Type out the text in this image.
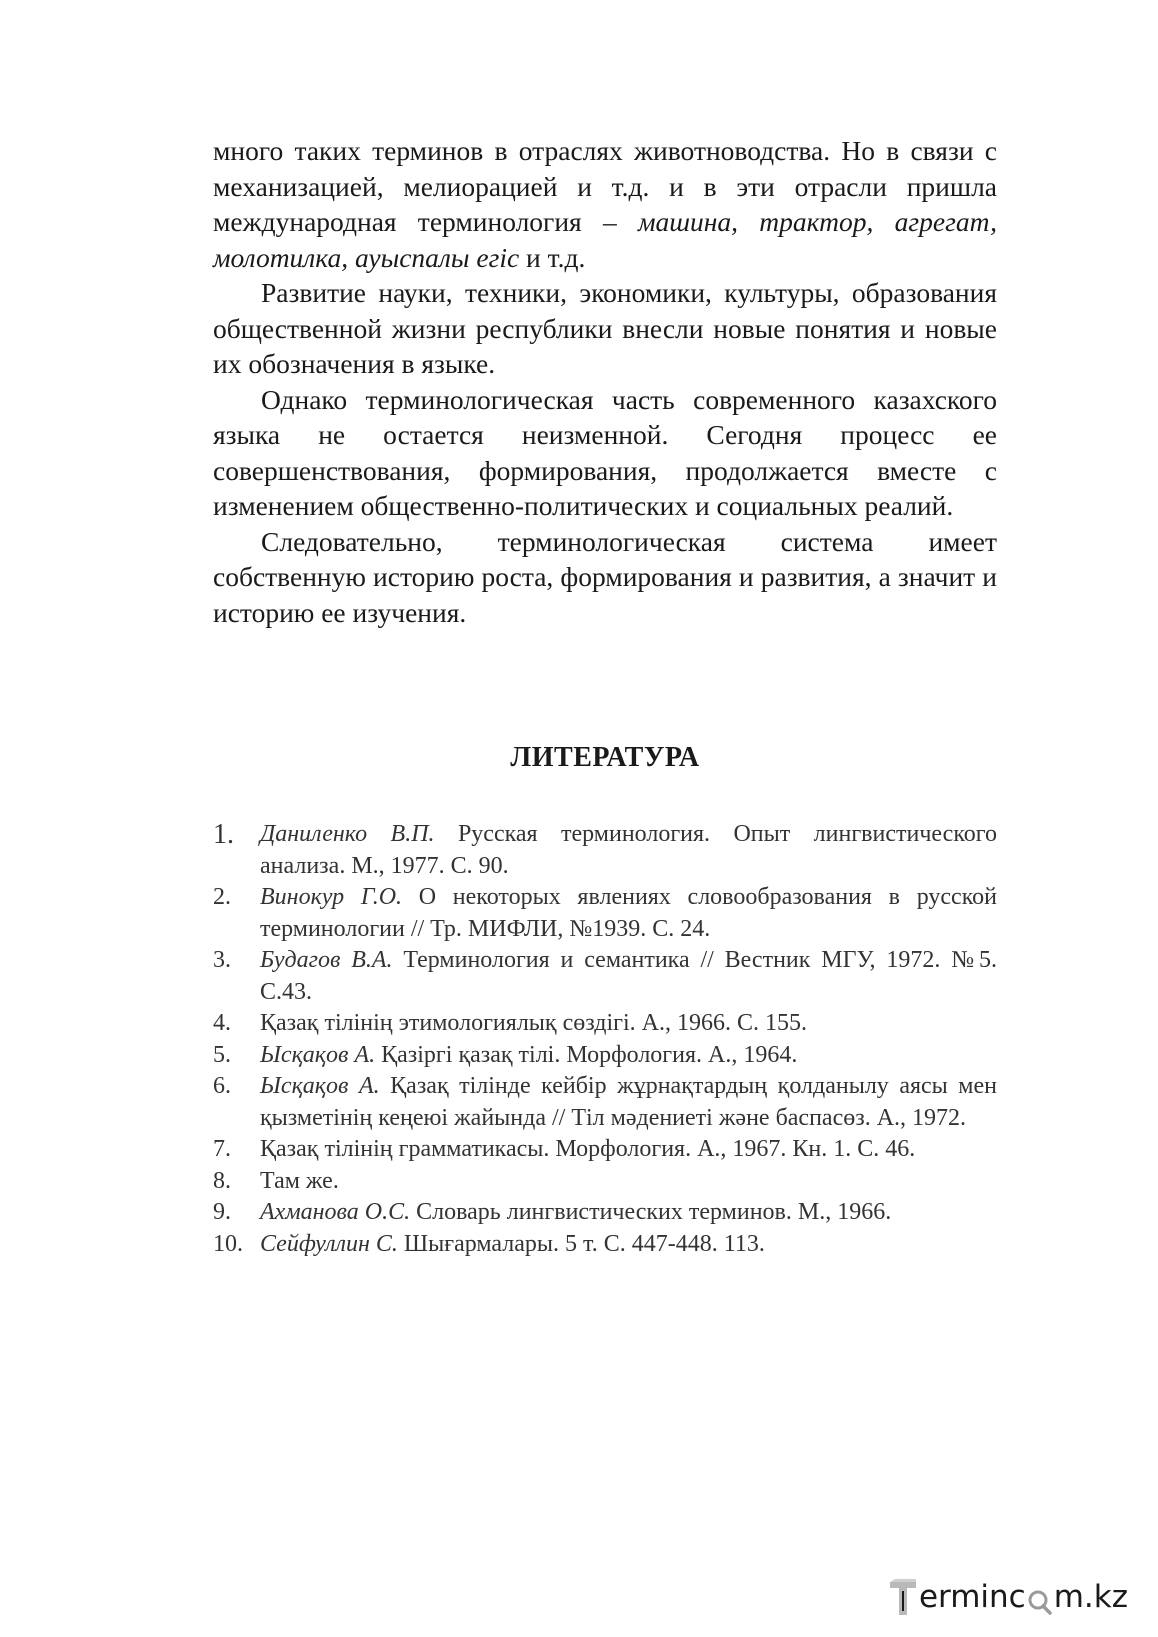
много таких терминов в отраслях животноводства. Но в связи с механизацией, мелиорацией и т.д. и в эти отрасли пришла международная терминология – машина, трактор, агрегат, молотилка, ауыспалы егіс и т.д.

Развитие науки, техники, экономики, культуры, образования общественной жизни республики внесли новые понятия и новые их обозначения в языке.

Однако терминологическая часть современного казахского языка не остается неизменной. Сегодня процесс ее совершенствования, формирования, продолжается вместе с изменением общественно-политических и социальных реалий.

Следовательно, терминологическая система имеет собственную историю роста, формирования и развития, а значит и историю ее изучения.

ЛИТЕРАТУРА
1. Даниленко В.П. Русская терминология. Опыт лингвистического анализа. М., 1977. С. 90.
2. Винокур Г.О. О некоторых явлениях словообразования в русской терминологии // Тр. МИФЛИ, №1939. С. 24.
3. Будагов В.А. Терминология и семантика // Вестник МГУ, 1972. №5. С.43.
4. Қазақ тілінің этимологиялық сөздігі. А., 1966. С. 155.
5. Ысқақов А. Қазіргі қазақ тілі. Морфология. А., 1964.
6. Ысқақов А. Қазақ тілінде кейбір жұрнақтардың қолданылу аясы мен қызметінің кеңеюі жайында // Тіл мәдениеті және баспасөз. А., 1972.
7. Қазақ тілінің грамматикасы. Морфология. А., 1967. Кн. 1. С. 46.
8. Там же.
9. Ахманова О.С. Словарь лингвистических терминов. М., 1966.
10. Сейфуллин С. Шығармалары. 5 т. С. 447-448. 113.
ermin c m.kz
